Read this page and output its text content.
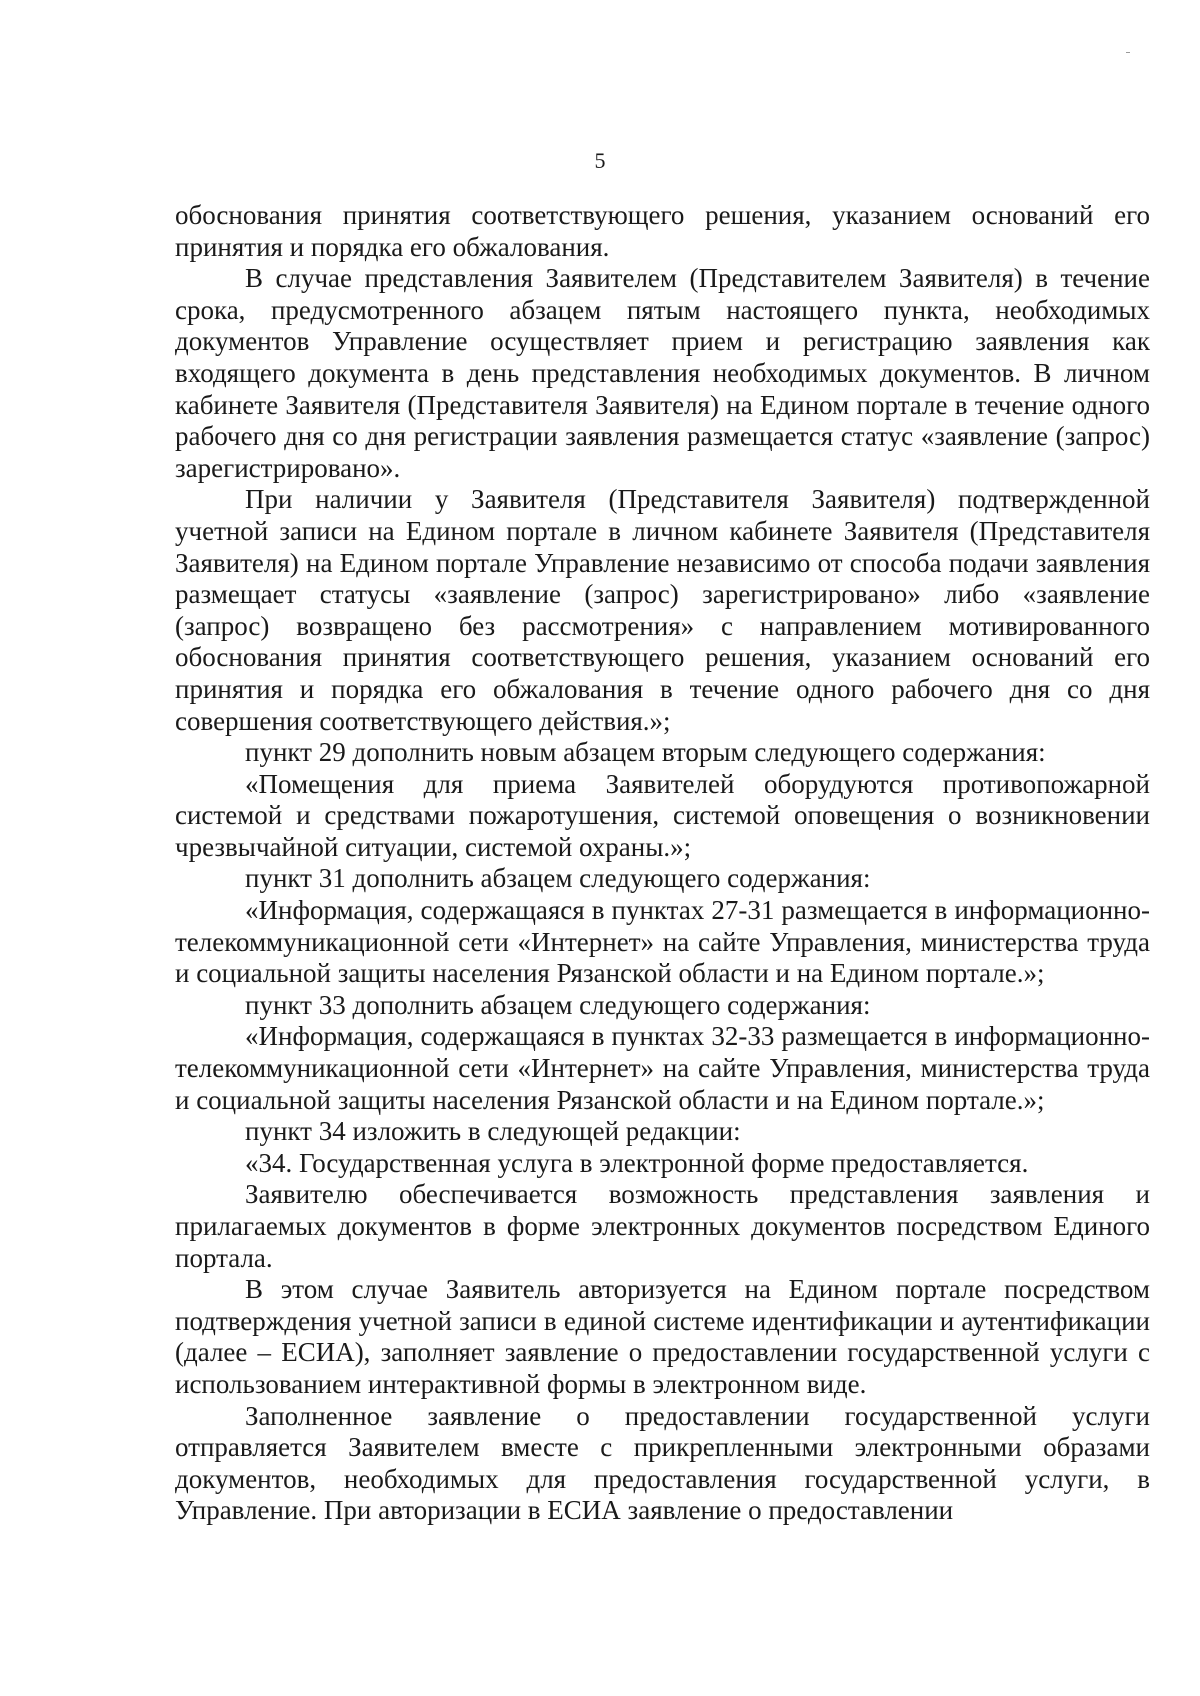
5

обоснования принятия соответствующего решения, указанием оснований его принятия и порядка его обжалования.

В случае представления Заявителем (Представителем Заявителя) в течение срока, предусмотренного абзацем пятым настоящего пункта, необходимых документов Управление осуществляет прием и регистрацию заявления как входящего документа в день представления необходимых документов. В личном кабинете Заявителя (Представителя Заявителя) на Едином портале в течение одного рабочего дня со дня регистрации заявления размещается статус «заявление (запрос) зарегистрировано».

При наличии у Заявителя (Представителя Заявителя) подтвержденной учетной записи на Едином портале в личном кабинете Заявителя (Представителя Заявителя) на Едином портале Управление независимо от способа подачи заявления размещает статусы «заявление (запрос) зарегистрировано» либо «заявление (запрос) возвращено без рассмотрения» с направлением мотивированного обоснования принятия соответствующего решения, указанием оснований его принятия и порядка его обжалования в течение одного рабочего дня со дня совершения соответствующего действия.»;

пункт 29 дополнить новым абзацем вторым следующего содержания:

«Помещения для приема Заявителей оборудуются противопожарной системой и средствами пожаротушения, системой оповещения о возникновении чрезвычайной ситуации, системой охраны.»;

пункт 31 дополнить абзацем следующего содержания:

«Информация, содержащаяся в пунктах 27-31 размещается в информационно-телекоммуникационной сети «Интернет» на сайте Управления, министерства труда и социальной защиты населения Рязанской области и на Едином портале.»;

пункт 33 дополнить абзацем следующего содержания:

«Информация, содержащаяся в пунктах 32-33 размещается в информационно-телекоммуникационной сети «Интернет» на сайте Управления, министерства труда и социальной защиты населения Рязанской области и на Едином портале.»;

пункт 34 изложить в следующей редакции:

«34. Государственная услуга в электронной форме предоставляется.

Заявителю обеспечивается возможность представления заявления и прилагаемых документов в форме электронных документов посредством Единого портала.

В этом случае Заявитель авторизуется на Едином портале посредством подтверждения учетной записи в единой системе идентификации и аутентификации (далее – ЕСИА), заполняет заявление о предоставлении государственной услуги с использованием интерактивной формы в электронном виде.

Заполненное заявление о предоставлении государственной услуги отправляется Заявителем вместе с прикрепленными электронными образами документов, необходимых для предоставления государственной услуги, в Управление. При авторизации в ЕСИА заявление о предоставлении
